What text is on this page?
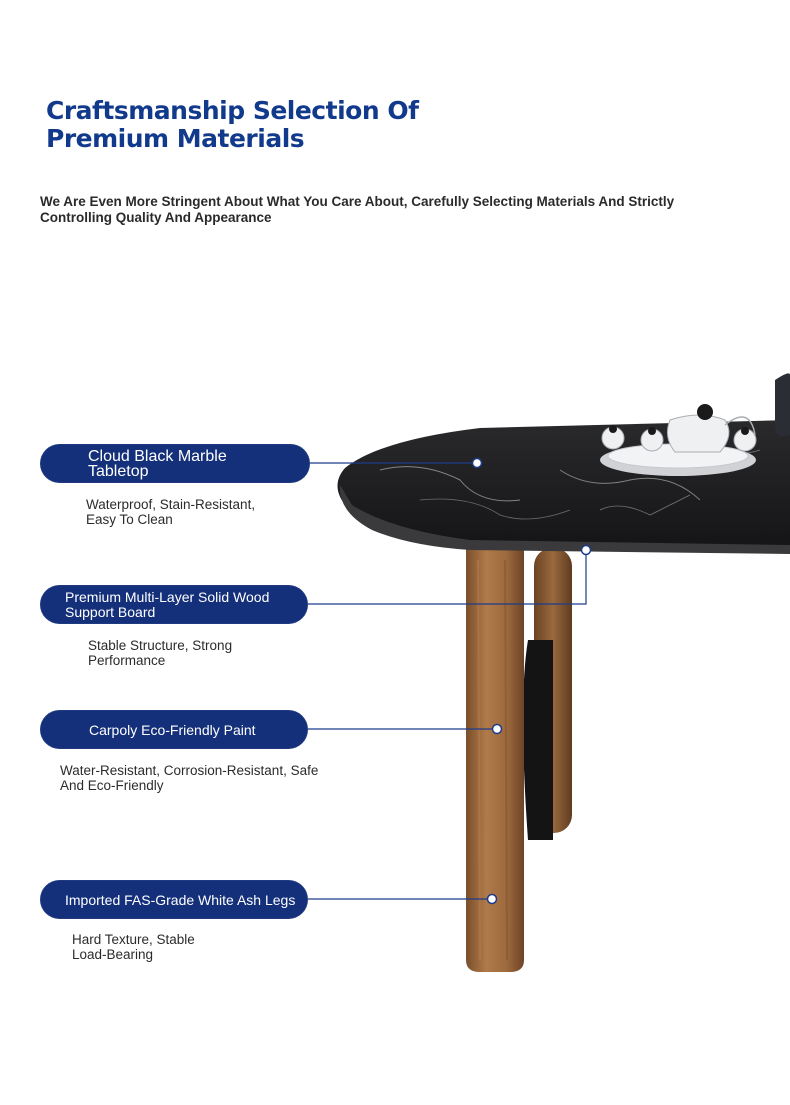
Craftsmanship Selection Of Premium Materials

We Are Even More Stringent About What You Care About, Carefully Selecting Materials And Strictly Controlling Quality And Appearance

Cloud Black Marble Tabletop
Waterproof, Stain-Resistant, Easy To Clean
Premium Multi-Layer Solid Wood Support Board
Stable Structure, Strong Performance
Carpoly Eco-Friendly Paint
Water-Resistant, Corrosion-Resistant, Safe And Eco-Friendly
Imported FAS-Grade White Ash Legs
Hard Texture, Stable Load-Bearing
